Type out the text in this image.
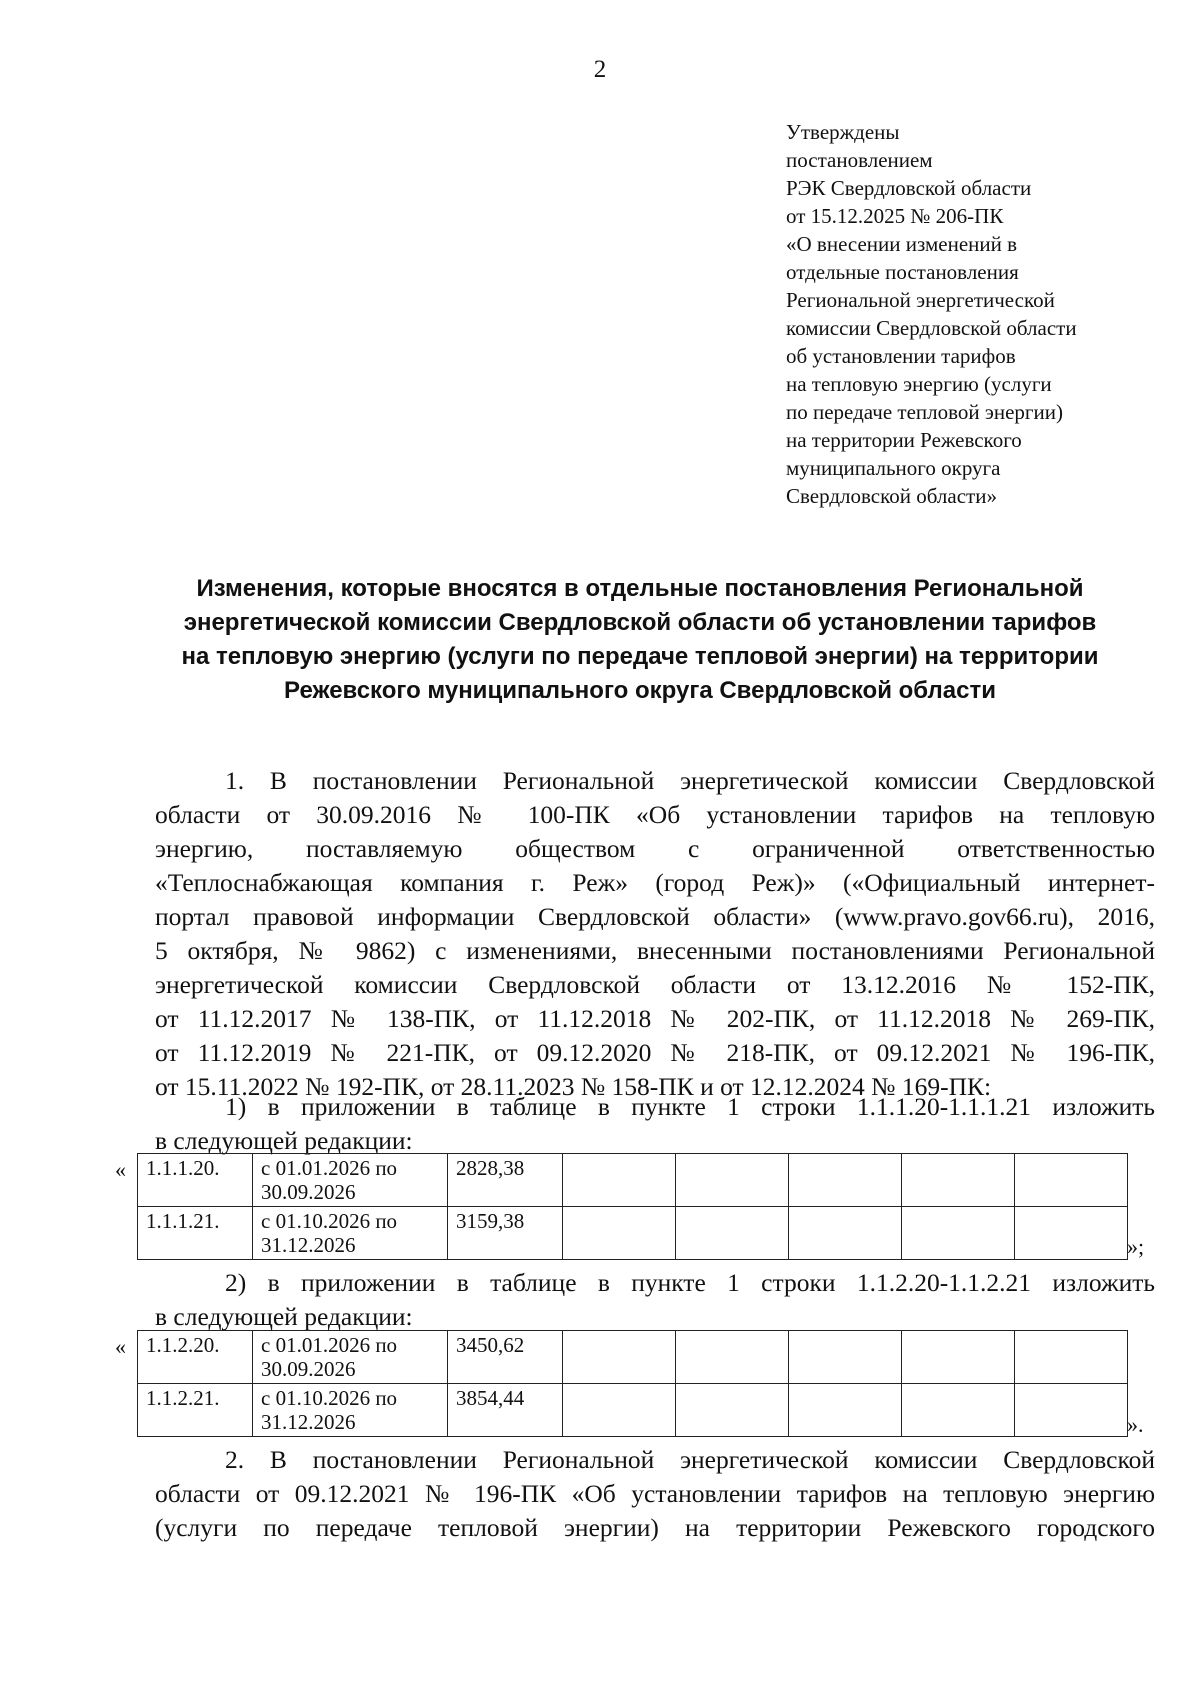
2
Утверждены
постановлением
РЭК Свердловской области
от 15.12.2025 № 206-ПК
«О внесении изменений в
отдельные постановления
Региональной энергетической
комиссии Свердловской области
об установлении тарифов
на тепловую энергию (услуги
по передаче тепловой энергии)
на территории Режевского
муниципального округа
Свердловской области»
Изменения, которые вносятся в отдельные постановления Региональной
энергетической комиссии Свердловской области об установлении тарифов
на тепловую энергию (услуги по передаче тепловой энергии) на территории
Режевского муниципального округа Свердловской области
1. В постановлении Региональной энергетической комиссии Свердловской
области от 30.09.2016 № 100-ПК «Об установлении тарифов на тепловую
энергию, поставляемую обществом с ограниченной ответственностью
«Теплоснабжающая компания г. Реж» (город Реж)» («Официальный интернет-
портал правовой информации Свердловской области» (www.pravo.gov66.ru), 2016,
5 октября, № 9862) с изменениями, внесенными постановлениями Региональной
энергетической комиссии Свердловской области от 13.12.2016 № 152-ПК,
от 11.12.2017 № 138-ПК, от 11.12.2018 № 202-ПК, от 11.12.2018 № 269-ПК,
от 11.12.2019 № 221-ПК, от 09.12.2020 № 218-ПК, от 09.12.2021 № 196-ПК,
от 15.11.2022 № 192-ПК, от 28.11.2023 № 158-ПК и от 12.12.2024 № 169-ПК:
1) в приложении в таблице в пункте 1 строки 1.1.1.20-1.1.1.21 изложить
в следующей редакции:
« 1.1.1.20.	с 01.01.2026 по
30.09.2026	2828,38					
1.1.1.21.	с 01.10.2026 по
31.12.2026	3159,38					
»;
2) в приложении в таблице в пункте 1 строки 1.1.2.20-1.1.2.21 изложить
в следующей редакции:
« 1.1.2.20.	с 01.01.2026 по
30.09.2026	3450,62					
1.1.2.21.	с 01.10.2026 по
31.12.2026	3854,44					
».
2. В постановлении Региональной энергетической комиссии Свердловской
области от 09.12.2021 № 196-ПК «Об установлении тарифов на тепловую энергию
(услуги по передаче тепловой энергии) на территории Режевского городского
